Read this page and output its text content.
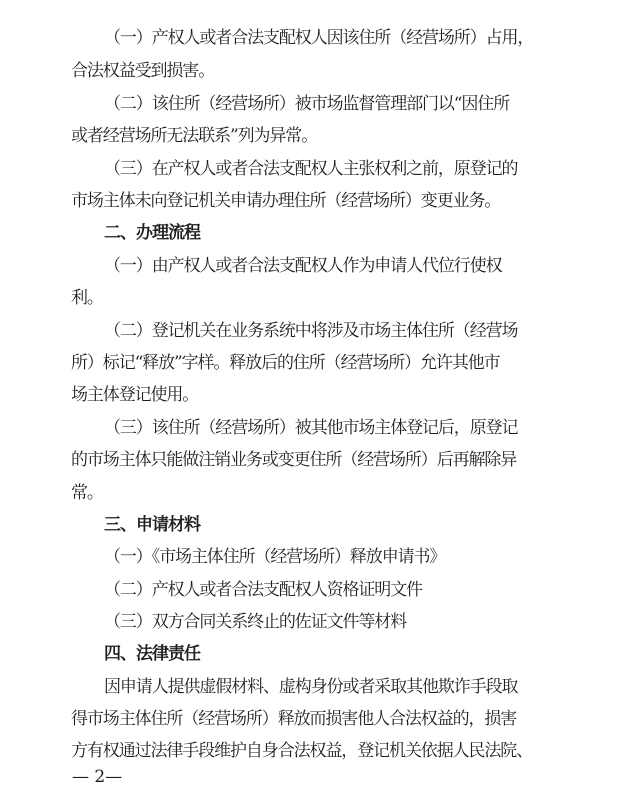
（一）产权人或者合法支配权人因该住所（经营场所）占用，
合法权益受到损害。
（二）该住所（经营场所）被市场监督管理部门以“因住所
或者经营场所无法联系”列为异常。
（三）在产权人或者合法支配权人主张权利之前，原登记的
市场主体未向登记机关申请办理住所（经营场所）变更业务。
二、办理流程
（一）由产权人或者合法支配权人作为申请人代位行使权
利。
（二）登记机关在业务系统中将涉及市场主体住所（经营场
所）标记“释放”字样。释放后的住所（经营场所）允许其他市
场主体登记使用。
（三）该住所（经营场所）被其他市场主体登记后，原登记
的市场主体只能做注销业务或变更住所（经营场所）后再解除异
常。
三、申请材料
（一）《市场主体住所（经营场所）释放申请书》
（二）产权人或者合法支配权人资格证明文件
（三）双方合同关系终止的佐证文件等材料
四、法律责任
因申请人提供虚假材料、虚构身份或者采取其他欺诈手段取
得市场主体住所（经营场所）释放而损害他人合法权益的，损害
方有权通过法律手段维护自身合法权益，登记机关依据人民法院、
— 2—
